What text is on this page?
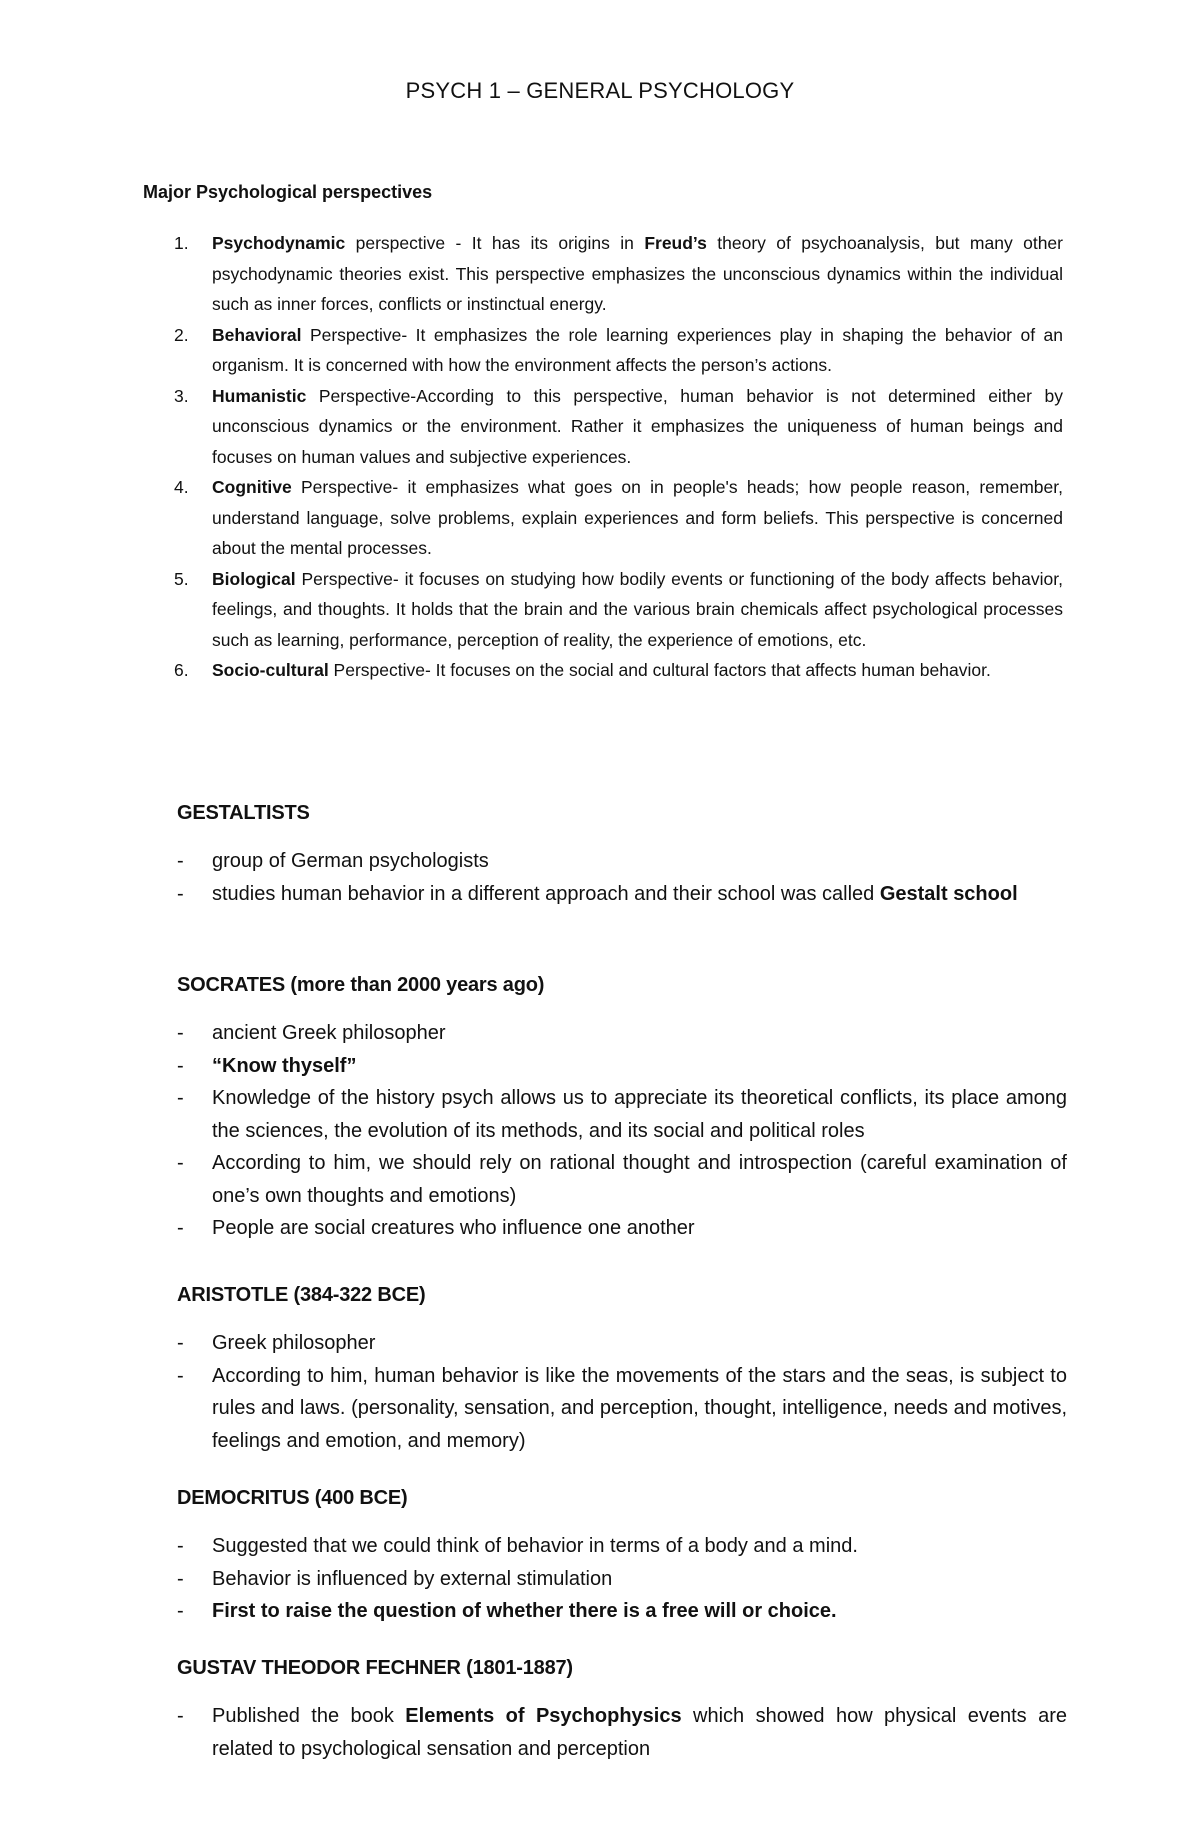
PSYCH 1 – GENERAL PSYCHOLOGY
Major Psychological perspectives
1. Psychodynamic perspective - It has its origins in Freud’s theory of psychoanalysis, but many other psychodynamic theories exist. This perspective emphasizes the unconscious dynamics within the individual such as inner forces, conflicts or instinctual energy.
2. Behavioral Perspective- It emphasizes the role learning experiences play in shaping the behavior of an organism. It is concerned with how the environment affects the person’s actions.
3. Humanistic Perspective-According to this perspective, human behavior is not determined either by unconscious dynamics or the environment. Rather it emphasizes the uniqueness of human beings and focuses on human values and subjective experiences.
4. Cognitive Perspective- it emphasizes what goes on in people's heads; how people reason, remember, understand language, solve problems, explain experiences and form beliefs. This perspective is concerned about the mental processes.
5. Biological Perspective- it focuses on studying how bodily events or functioning of the body affects behavior, feelings, and thoughts. It holds that the brain and the various brain chemicals affect psychological processes such as learning, performance, perception of reality, the experience of emotions, etc.
6. Socio-cultural Perspective- It focuses on the social and cultural factors that affects human behavior.
GESTALTISTS
- group of German psychologists
- studies human behavior in a different approach and their school was called Gestalt school
SOCRATES (more than 2000 years ago)
- ancient Greek philosopher
- “Know thyself”
- Knowledge of the history psych allows us to appreciate its theoretical conflicts, its place among the sciences, the evolution of its methods, and its social and political roles
- According to him, we should rely on rational thought and introspection (careful examination of one’s own thoughts and emotions)
- People are social creatures who influence one another
ARISTOTLE (384-322 BCE)
- Greek philosopher
- According to him, human behavior is like the movements of the stars and the seas, is subject to rules and laws. (personality, sensation, and perception, thought, intelligence, needs and motives, feelings and emotion, and memory)
DEMOCRITUS (400 BCE)
- Suggested that we could think of behavior in terms of a body and a mind.
- Behavior is influenced by external stimulation
- First to raise the question of whether there is a free will or choice.
GUSTAV THEODOR FECHNER (1801-1887)
- Published the book Elements of Psychophysics which showed how physical events are related to psychological sensation and perception
